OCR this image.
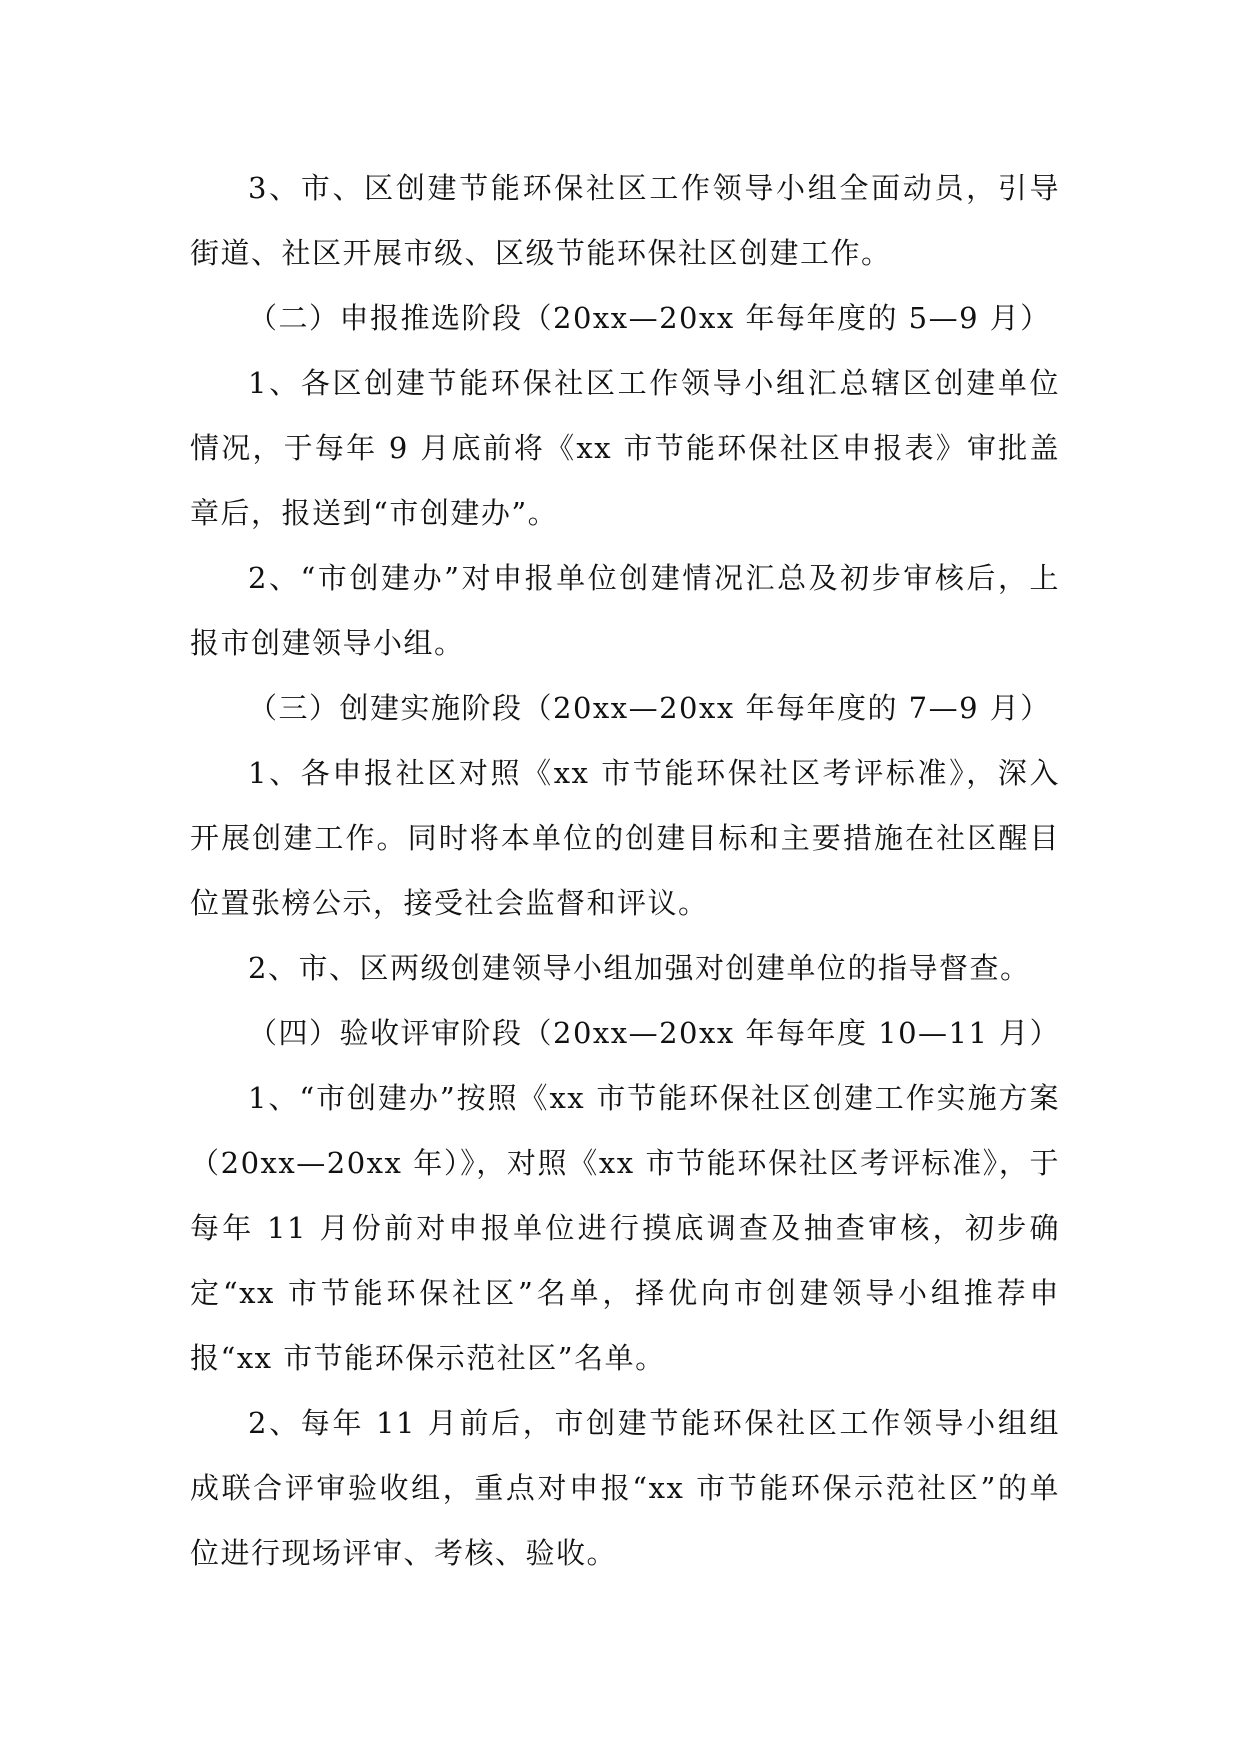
3、市、区创建节能环保社区工作领导小组全面动员，引导街道、社区开展市级、区级节能环保社区创建工作。

（二）申报推选阶段（20xx—20xx 年每年度的 5—9 月）

1、各区创建节能环保社区工作领导小组汇总辖区创建单位情况，于每年 9 月底前将《xx 市节能环保社区申报表》审批盖章后，报送到“市创建办”。

2、“市创建办”对申报单位创建情况汇总及初步审核后，上报市创建领导小组。

（三）创建实施阶段（20xx—20xx 年每年度的 7—9 月）

1、各申报社区对照《xx 市节能环保社区考评标准》，深入开展创建工作。同时将本单位的创建目标和主要措施在社区醒目位置张榜公示，接受社会监督和评议。

2、市、区两级创建领导小组加强对创建单位的指导督查。

（四）验收评审阶段（20xx—20xx 年每年度 10—11 月）

1、“市创建办”按照《xx 市节能环保社区创建工作实施方案（20xx—20xx 年）》，对照《xx 市节能环保社区考评标准》，于每年 11 月份前对申报单位进行摸底调查及抽查审核，初步确定“xx 市节能环保社区”名单，择优向市创建领导小组推荐申报“xx 市节能环保示范社区”名单。

2、每年 11 月前后，市创建节能环保社区工作领导小组组成联合评审验收组，重点对申报“xx 市节能环保示范社区”的单位进行现场评审、考核、验收。
